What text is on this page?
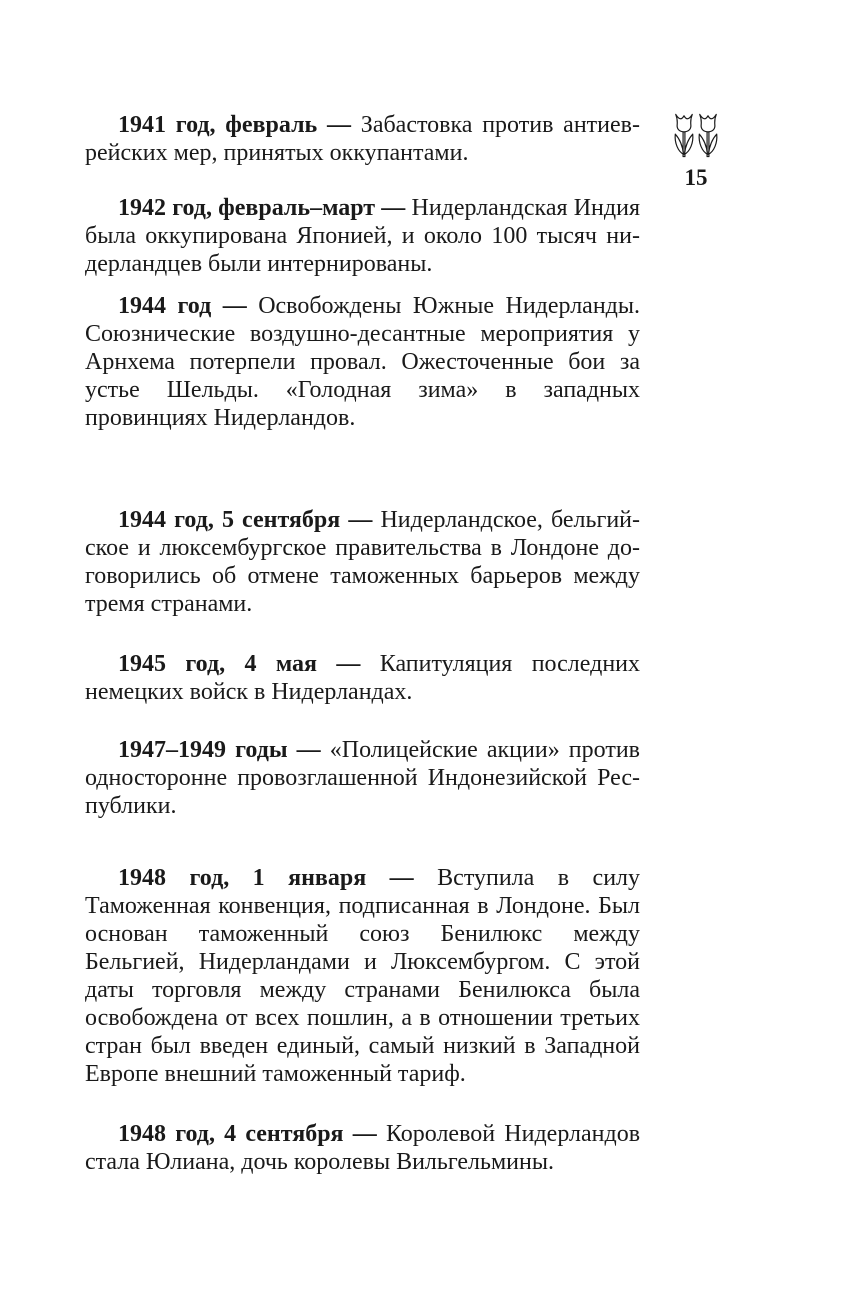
15

1941 год, февраль — Забастовка против антиеврейских мер, принятых оккупантами.

1942 год, февраль–март — Нидерландская Индия была оккупирована Японией, и около 100 тысяч нидерландцев были интернированы.

1944 год — Освобождены Южные Нидерланды. Союзнические воздушно-десантные мероприятия у Арнхема потерпели провал. Ожесточенные бои за устье Шельды. «Голодная зима» в западных провинциях Нидерландов.

1944 год, 5 сентября — Нидерландское, бельгийское и люксембургское правительства в Лондоне договорились об отмене таможенных барьеров между тремя странами.

1945 год, 4 мая — Капитуляция последних немецких войск в Нидерландах.

1947–1949 годы — «Полицейские акции» против односторонне провозглашенной Индонезийской Республики.

1948 год, 1 января — Вступила в силу Таможенная конвенция, подписанная в Лондоне. Был основан таможенный союз Бенилюкс между Бельгией, Нидерландами и Люксембургом. С этой даты торговля между странами Бенилюкса была освобождена от всех пошлин, а в отношении третьих стран был введен единый, самый низкий в Западной Европе внешний таможенный тариф.

1948 год, 4 сентября — Королевой Нидерландов стала Юлиана, дочь королевы Вильгельмины.
